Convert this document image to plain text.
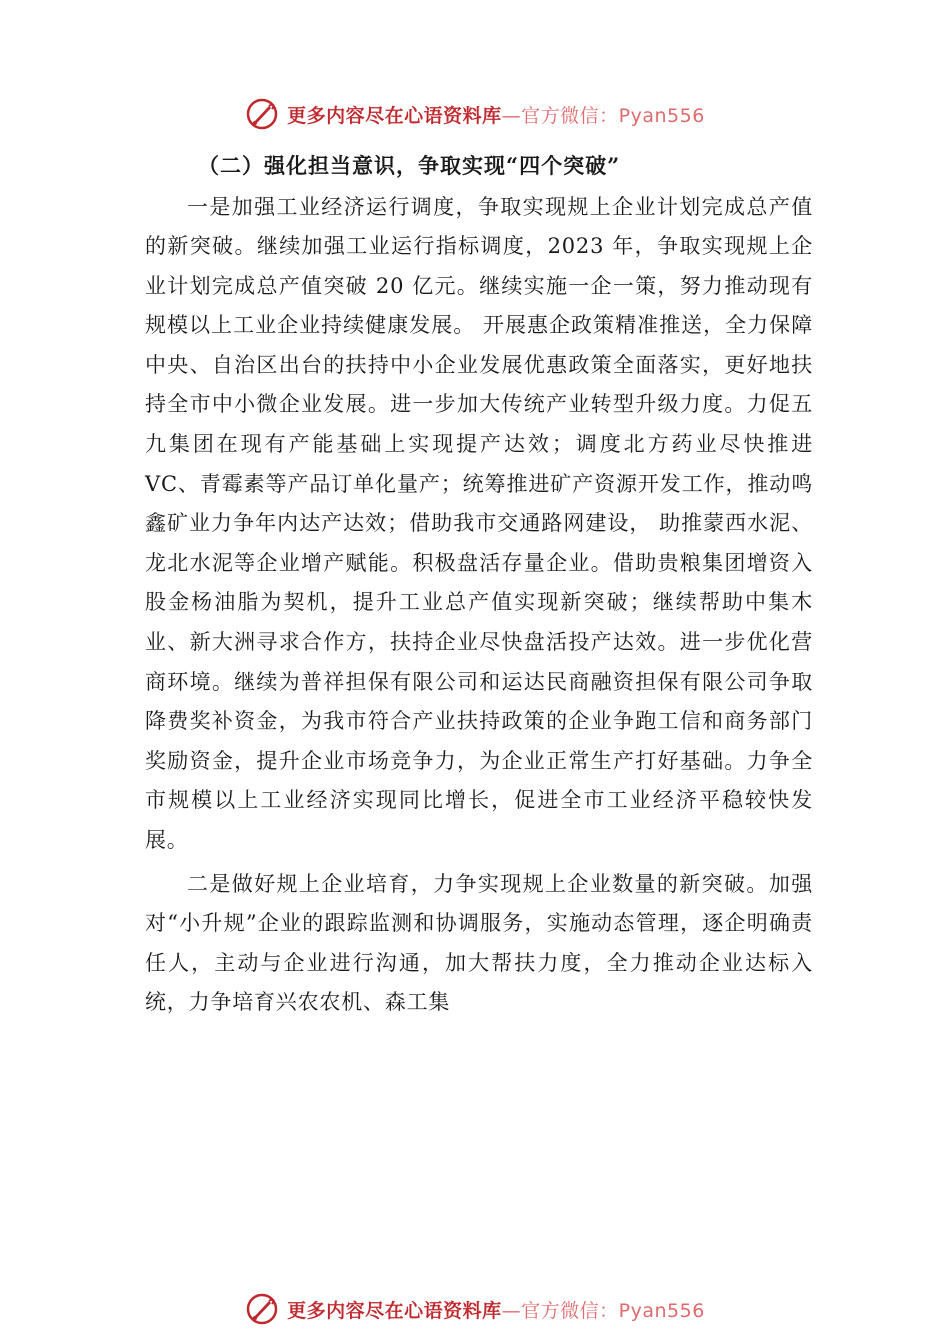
更多内容尽在心语资料库 —官方微信：Pyan556

（二）强化担当意识，争取实现“四个突破”

一是加强工业经济运行调度，争取实现规上企业计划完成总产值的新突破。继续加强工业运行指标调度，2023 年，争取实现规上企业计划完成总产值突破 20 亿元。继续实施一企一策，努力推动现有规模以上工业企业持续健康发展。 开展惠企政策精准推送，全力保障中央、自治区出台的扶持中小企业发展优惠政策全面落实，更好地扶持全市中小微企业发展。进一步加大传统产业转型升级力度。力促五九集团在现有产能基础上实现提产达效；调度北方药业尽快推进 VC、青霉素等产品订单化量产；统筹推进矿产资源开发工作，推动鸣鑫矿业力争年内达产达效；借助我市交通路网建设， 助推蒙西水泥、龙北水泥等企业增产赋能。积极盘活存量企业。借助贵粮集团增资入股金杨油脂为契机，提升工业总产值实现新突破；继续帮助中集木业、新大洲寻求合作方，扶持企业尽快盘活投产达效。进一步优化营商环境。继续为普祥担保有限公司和运达民商融资担保有限公司争取降费奖补资金，为我市符合产业扶持政策的企业争跑工信和商务部门奖励资金，提升企业市场竞争力，为企业正常生产打好基础。力争全市规模以上工业经济实现同比增长，促进全市工业经济平稳较快发展。

二是做好规上企业培育，力争实现规上企业数量的新突破。加强对“小升规”企业的跟踪监测和协调服务，实施动态管理，逐企明确责任人，主动与企业进行沟通，加大帮扶力度，全力推动企业达标入统，力争培育兴农农机、森工集

更多内容尽在心语资料库 —官方微信：Pyan556
